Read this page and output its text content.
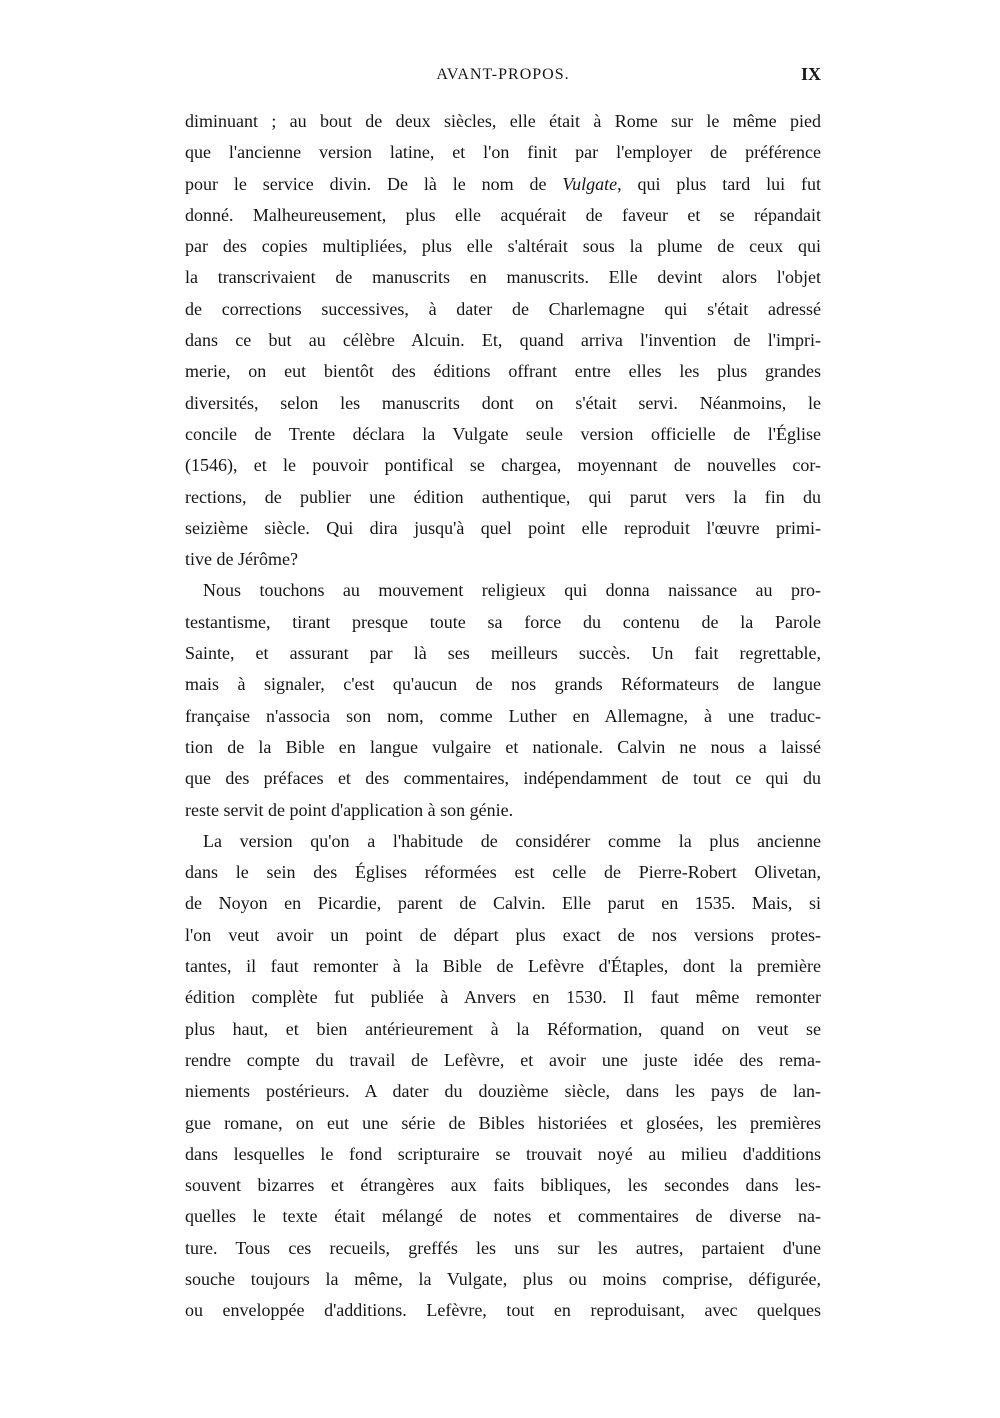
AVANT-PROPOS.	IX
diminuant ; au bout de deux siècles, elle était à Rome sur le même pied
que l'ancienne version latine, et l'on finit par l'employer de préférence
pour le service divin. De là le nom de Vulgate, qui plus tard lui fut
donné. Malheureusement, plus elle acquérait de faveur et se répandait
par des copies multipliées, plus elle s'altérait sous la plume de ceux qui
la transcrivaient de manuscrits en manuscrits. Elle devint alors l'objet
de corrections successives, à dater de Charlemagne qui s'était adressé
dans ce but au célèbre Alcuin. Et, quand arriva l'invention de l'impri-
merie, on eut bientôt des éditions offrant entre elles les plus grandes
diversités, selon les manuscrits dont on s'était servi. Néanmoins, le
concile de Trente déclara la Vulgate seule version officielle de l'Église
(1546), et le pouvoir pontifical se chargea, moyennant de nouvelles cor-
rections, de publier une édition authentique, qui parut vers la fin du
seizième siècle. Qui dira jusqu'à quel point elle reproduit l'œuvre primi-
tive de Jérôme?
Nous touchons au mouvement religieux qui donna naissance au pro-
testantisme, tirant presque toute sa force du contenu de la Parole
Sainte, et assurant par là ses meilleurs succès. Un fait regrettable,
mais à signaler, c'est qu'aucun de nos grands Réformateurs de langue
française n'associa son nom, comme Luther en Allemagne, à une traduc-
tion de la Bible en langue vulgaire et nationale. Calvin ne nous a laissé
que des préfaces et des commentaires, indépendamment de tout ce qui du
reste servit de point d'application à son génie.
La version qu'on a l'habitude de considérer comme la plus ancienne
dans le sein des Églises réformées est celle de Pierre-Robert Olivetan,
de Noyon en Picardie, parent de Calvin. Elle parut en 1535. Mais, si
l'on veut avoir un point de départ plus exact de nos versions protes-
tantes, il faut remonter à la Bible de Lefèvre d'Étaples, dont la première
édition complète fut publiée à Anvers en 1530. Il faut même remonter
plus haut, et bien antérieurement à la Réformation, quand on veut se
rendre compte du travail de Lefèvre, et avoir une juste idée des rema-
niements postérieurs. A dater du douzième siècle, dans les pays de lan-
gue romane, on eut une série de Bibles historiées et glosées, les premières
dans lesquelles le fond scripturaire se trouvait noyé au milieu d'additions
souvent bizarres et étrangères aux faits bibliques, les secondes dans les-
quelles le texte était mélangé de notes et commentaires de diverse na-
ture. Tous ces recueils, greffés les uns sur les autres, partaient d'une
souche toujours la même, la Vulgate, plus ou moins comprise, défigurée,
ou enveloppée d'additions. Lefèvre, tout en reproduisant, avec quelques
